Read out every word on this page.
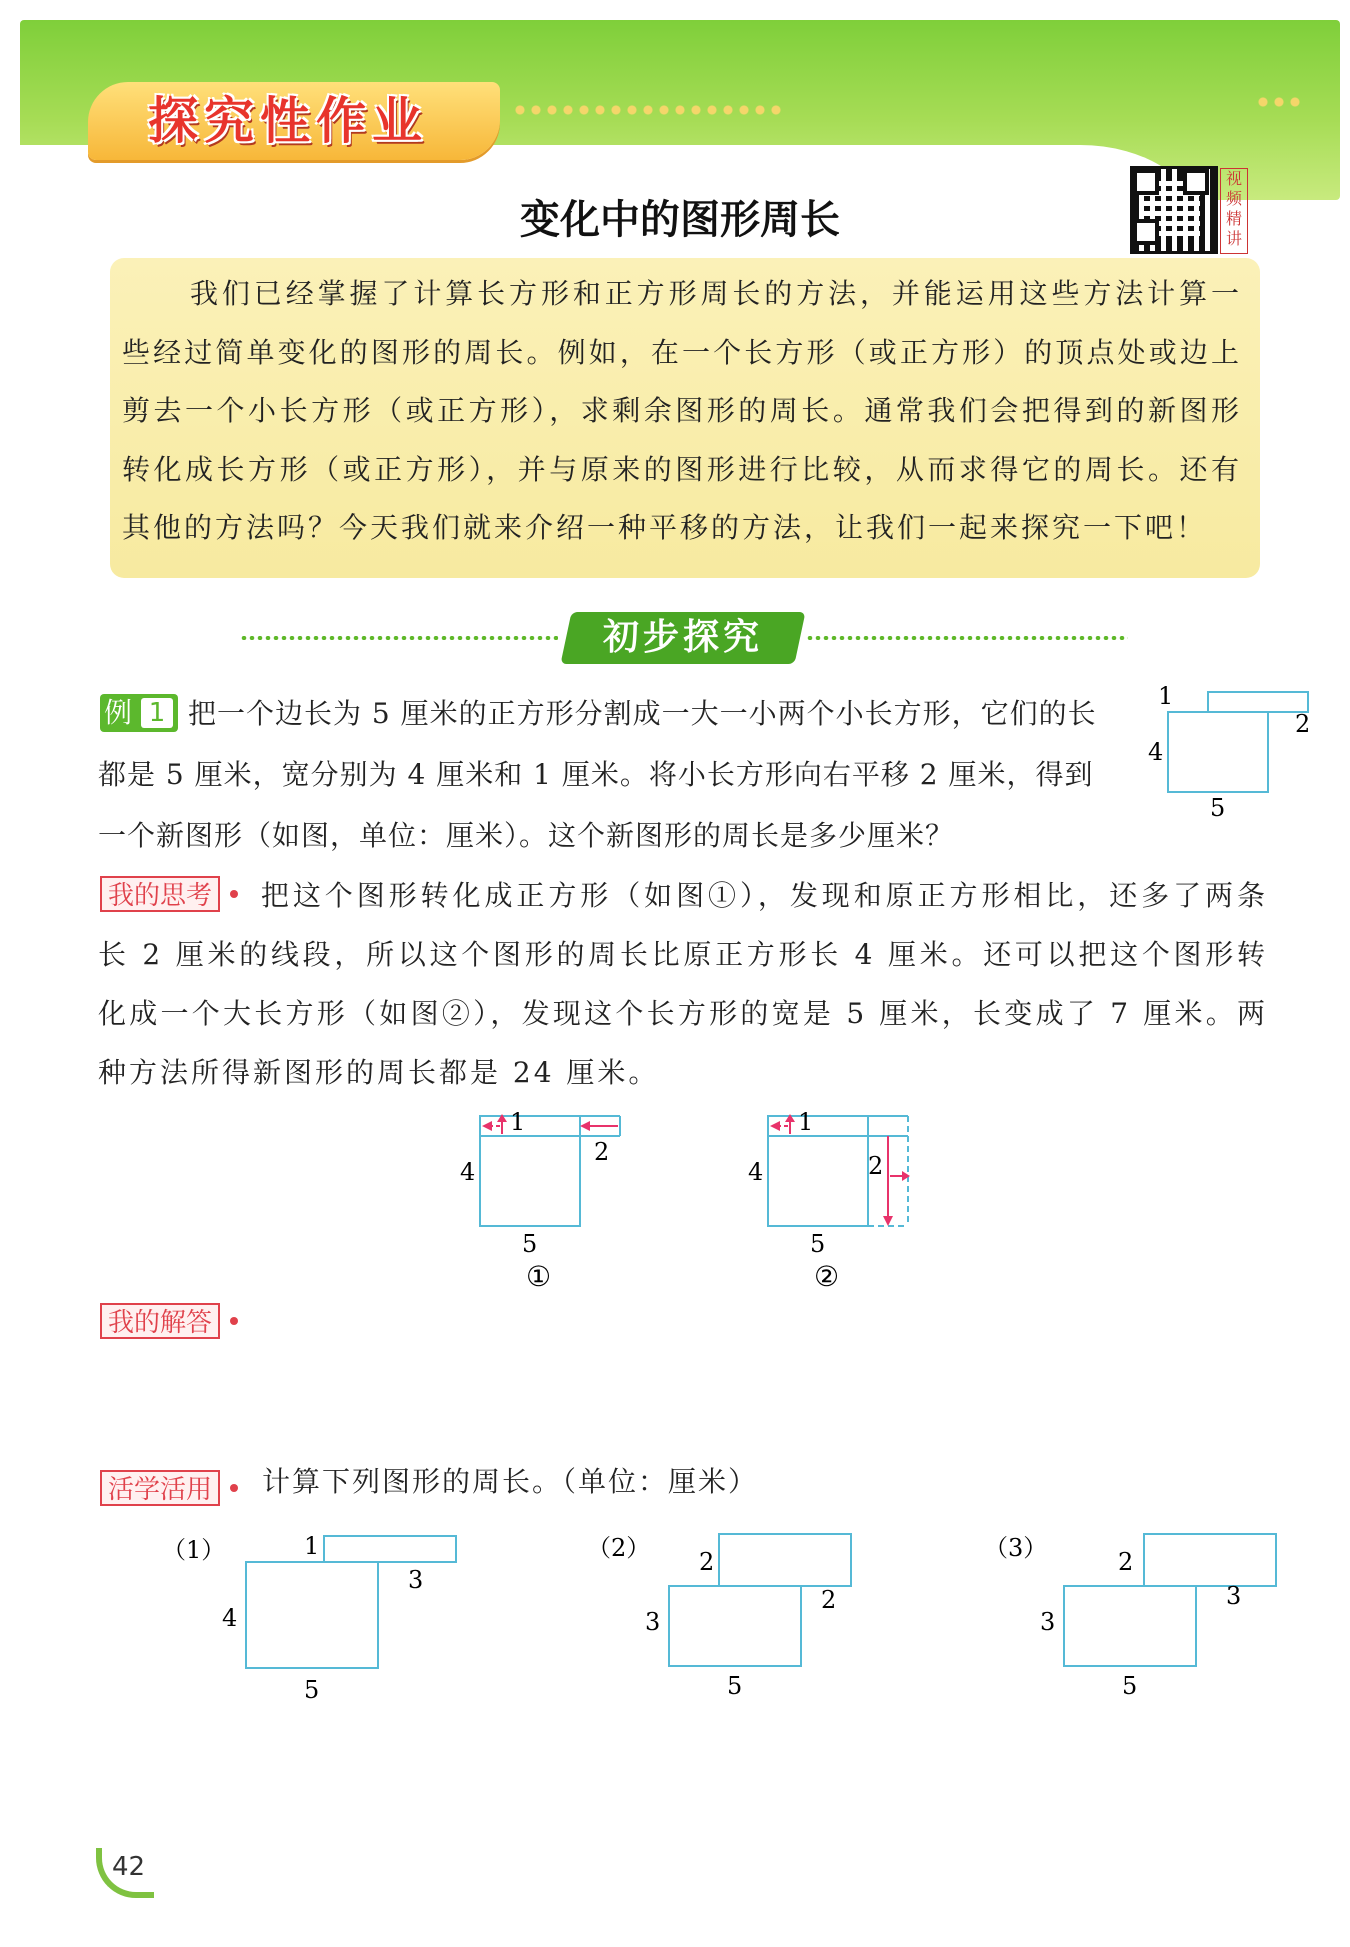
探究性作业
变化中的图形周长
视频精讲
我们已经掌握了计算长方形和正方形周长的方法，并能运用这些方法计算一些经过简单变化的图形的周长。例如，在一个长方形（或正方形）的顶点处或边上剪去一个小长方形（或正方形），求剩余图形的周长。通常我们会把得到的新图形转化成长方形（或正方形），并与原来的图形进行比较，从而求得它的周长。还有其他的方法吗？今天我们就来介绍一种平移的方法，让我们一起来探究一下吧！
初步探究
例 1 把一个边长为 5 厘米的正方形分割成一大一小两个小长方形，它们的长都是 5 厘米，宽分别为 4 厘米和 1 厘米。将小长方形向右平移 2 厘米，得到一个新图形（如图，单位：厘米）。这个新图形的周长是多少厘米？
1
2
4
5
我的思考	把这个图形转化成正方形（如图①），发现和原正方形相比，还多了两条长 2 厘米的线段，所以这个图形的周长比原正方形长 4 厘米。还可以把这个图形转化成一个大长方形（如图②），发现这个长方形的宽是 5 厘米，长变成了 7 厘米。两种方法所得新图形的周长都是 24 厘米。
1
2
4
5
①
1
2
4
5
②
我的解答
活学活用 计算下列图形的周长。（单位：厘米）
（1）	1
3
4
5
（2） 2
2
3
5
（3）	2
3
3
5
42
